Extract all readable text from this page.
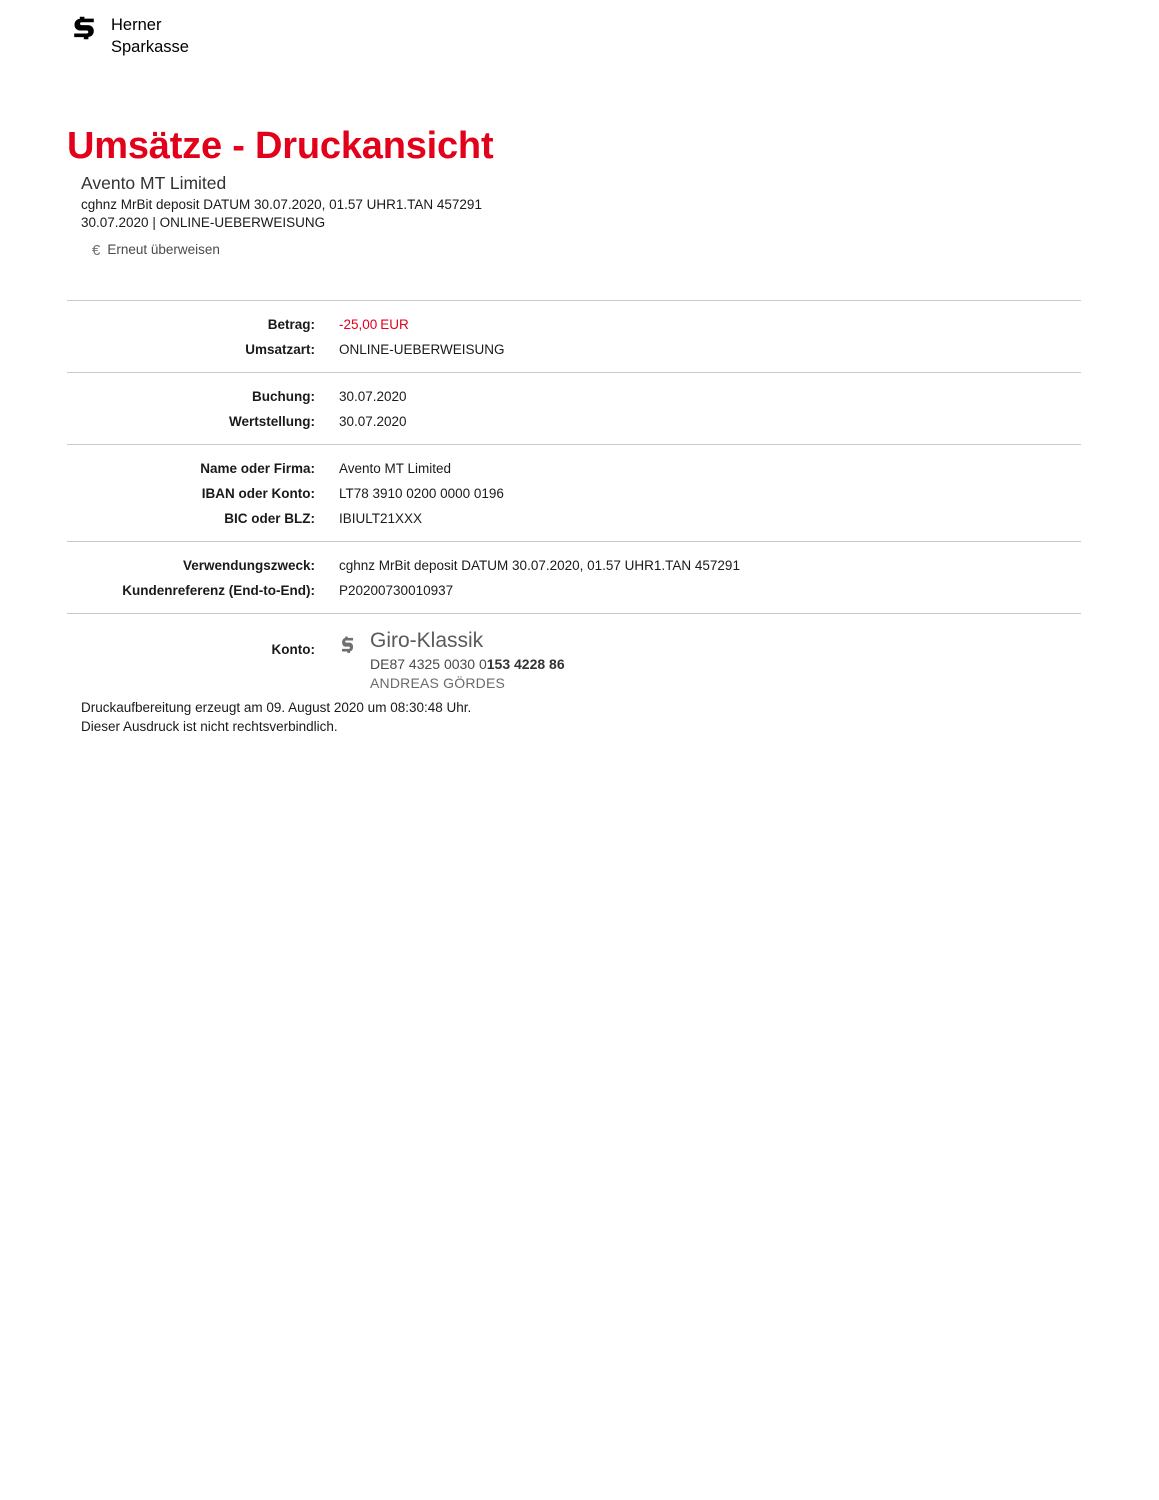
Herner
Sparkasse
Umsätze - Druckansicht
Avento MT Limited
cghnz MrBit deposit DATUM 30.07.2020, 01.57 UHR1.TAN 457291
30.07.2020 | ONLINE-UEBERWEISUNG
€ Erneut überweisen
Betrag:	-25,00 EUR
Umsatzart:	ONLINE-UEBERWEISUNG
Buchung:	30.07.2020
Wertstellung:	30.07.2020
Name oder Firma:	Avento MT Limited
IBAN oder Konto:	LT78 3910 0200 0000 0196
BIC oder BLZ:	IBIULT21XXX
Verwendungszweck:	cghnz MrBit deposit DATUM 30.07.2020, 01.57 UHR1.TAN 457291
Kundenreferenz (End-to-End):	P20200730010937
Konto:	Giro-Klassik
DE87 4325 0030 0153 4228 86
ANDREAS GÖRDES
Druckaufbereitung erzeugt am 09. August 2020 um 08:30:48 Uhr.
Dieser Ausdruck ist nicht rechtsverbindlich.
